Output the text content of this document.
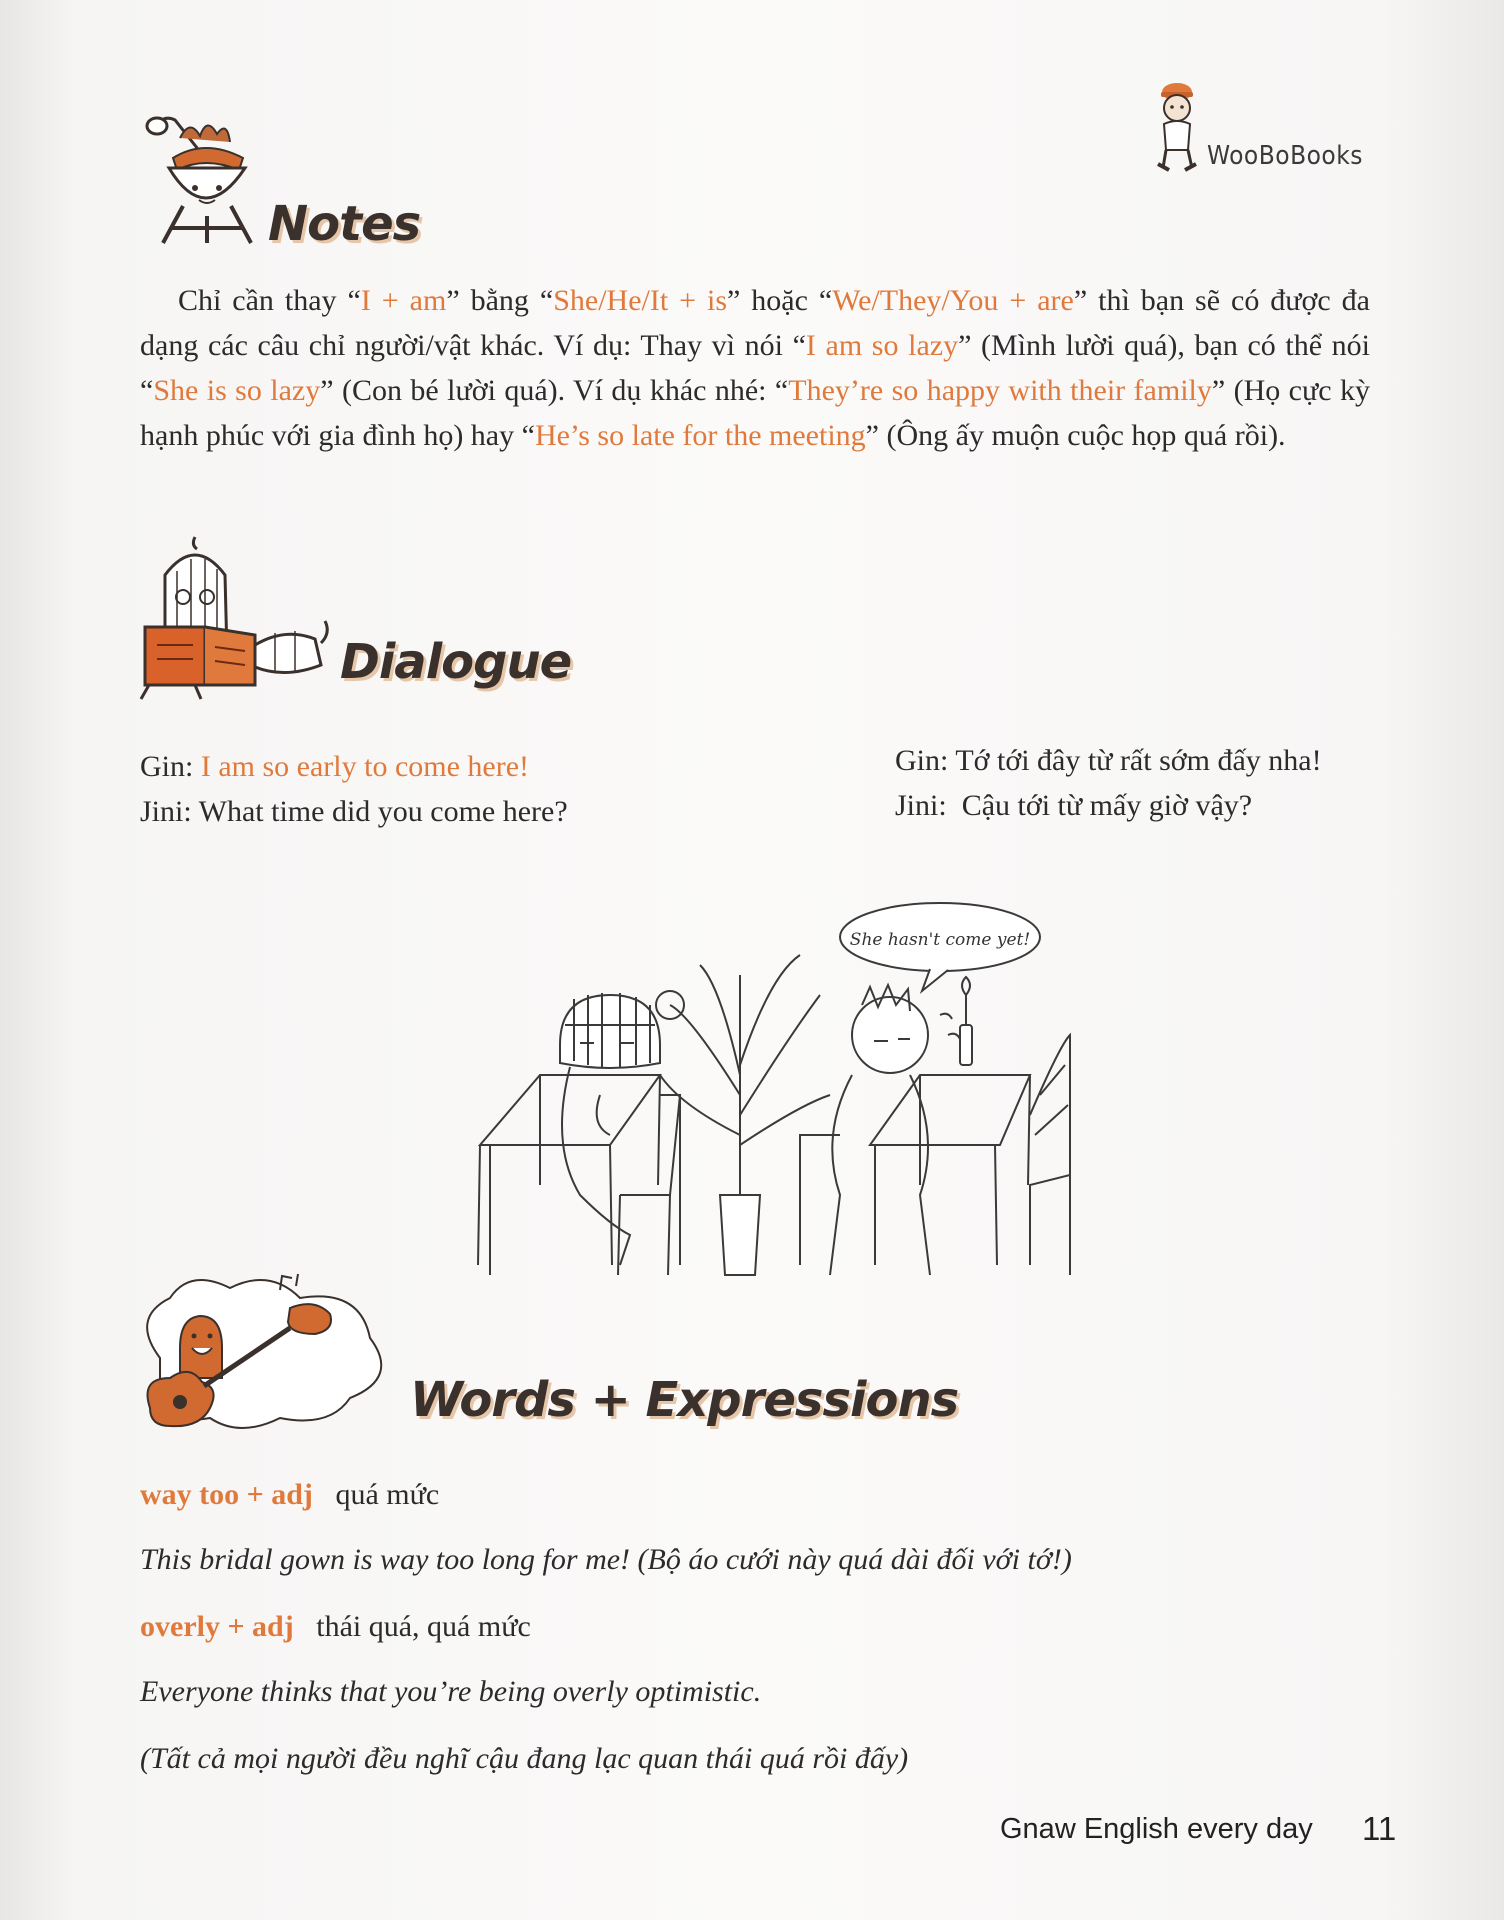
WooBoBooks
Notes

Chỉ cần thay “I + am” bằng “She/He/It + is” hoặc “We/They/You + are” thì bạn sẽ có được đa dạng các câu chỉ người/vật khác. Ví dụ: Thay vì nói “I am so lazy” (Mình lười quá), bạn có thể nói “She is so lazy” (Con bé lười quá). Ví dụ khác nhé: “They’re so happy with their family” (Họ cực kỳ hạnh phúc với gia đình họ) hay “He’s so late for the meeting” (Ông ấy muộn cuộc họp quá rồi).

Dialogue
Gin: I am so early to come here!
Jini: What time did you come here?
Gin: Tớ tới đây từ rất sớm đấy nha!
Jini: Cậu tới từ mấy giờ vậy?
She hasn't come yet!
Words + Expressions
way too + adj quá mức
This bridal gown is way too long for me! (Bộ áo cưới này quá dài đối với tớ!)
overly + adj thái quá, quá mức
Everyone thinks that you’re being overly optimistic.
(Tất cả mọi người đều nghĩ cậu đang lạc quan thái quá rồi đấy)
Gnaw English every day 11
